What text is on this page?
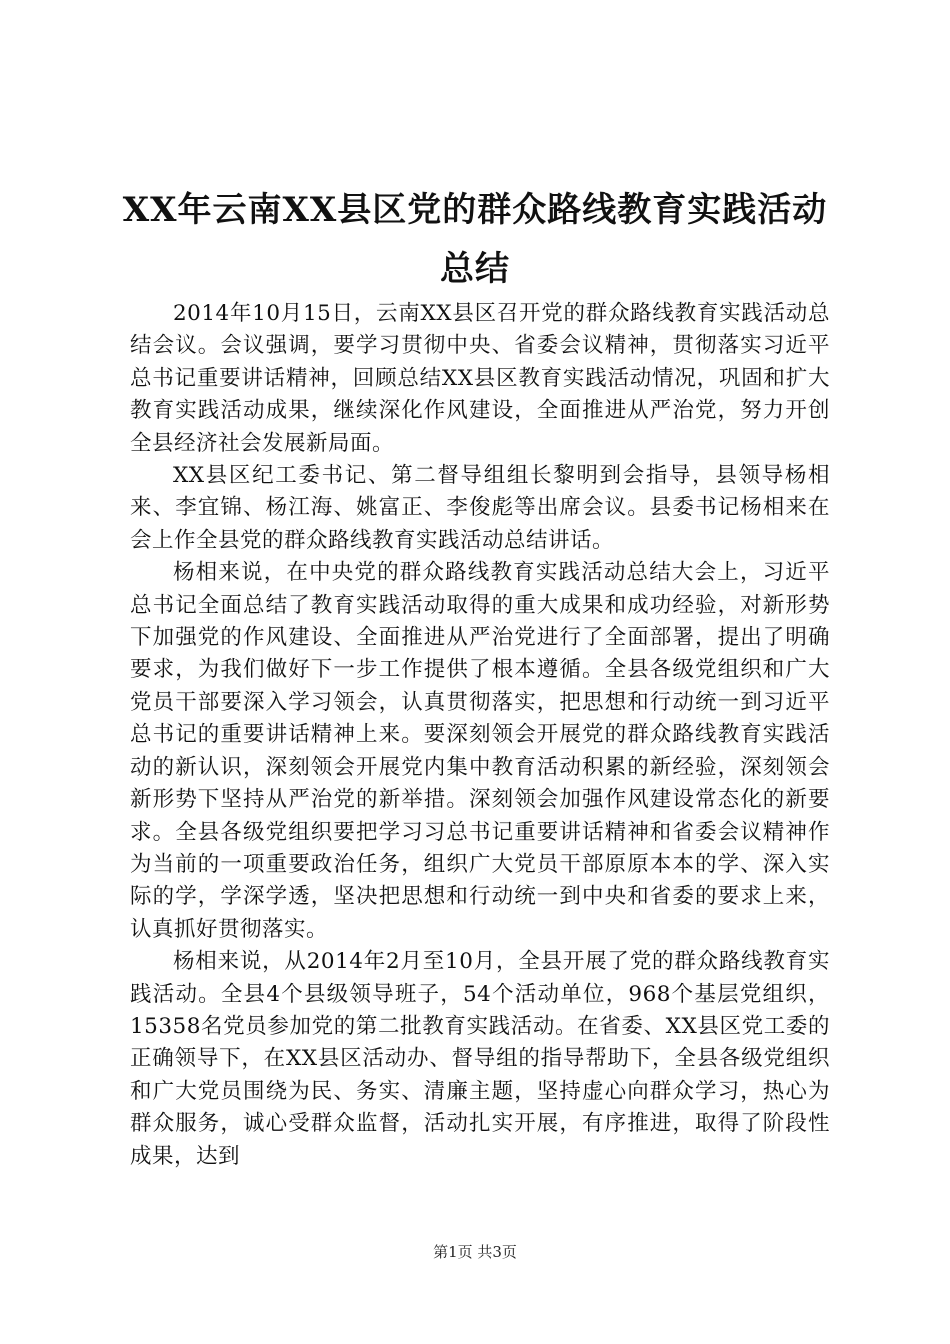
XX年云南XX县区党的群众路线教育实践活动
总结

2014年10月15日，云南XX县区召开党的群众路线教育实践活动总结会议。会议强调，要学习贯彻中央、省委会议精神，贯彻落实习近平总书记重要讲话精神，回顾总结XX县区教育实践活动情况，巩固和扩大教育实践活动成果，继续深化作风建设，全面推进从严治党，努力开创全县经济社会发展新局面。

XX县区纪工委书记、第二督导组组长黎明到会指导，县领导杨相来、李宜锦、杨江海、姚富正、李俊彪等出席会议。县委书记杨相来在会上作全县党的群众路线教育实践活动总结讲话。

杨相来说，在中央党的群众路线教育实践活动总结大会上，习近平总书记全面总结了教育实践活动取得的重大成果和成功经验，对新形势下加强党的作风建设、全面推进从严治党进行了全面部署，提出了明确要求，为我们做好下一步工作提供了根本遵循。全县各级党组织和广大党员干部要深入学习领会，认真贯彻落实，把思想和行动统一到习近平总书记的重要讲话精神上来。要深刻领会开展党的群众路线教育实践活动的新认识，深刻领会开展党内集中教育活动积累的新经验，深刻领会新形势下坚持从严治党的新举措。深刻领会加强作风建设常态化的新要求。全县各级党组织要把学习习总书记重要讲话精神和省委会议精神作为当前的一项重要政治任务，组织广大党员干部原原本本的学、深入实际的学，学深学透，坚决把思想和行动统一到中央和省委的要求上来，认真抓好贯彻落实。

杨相来说，从2014年2月至10月，全县开展了党的群众路线教育实践活动。全县4个县级领导班子，54个活动单位，968个基层党组织，15358名党员参加党的第二批教育实践活动。在省委、XX县区党工委的正确领导下，在XX县区活动办、督导组的指导帮助下，全县各级党组织和广大党员围绕为民、务实、清廉主题，坚持虚心向群众学习，热心为群众服务，诚心受群众监督，活动扎实开展，有序推进，取得了阶段性成果，达到

第1页 共3页
